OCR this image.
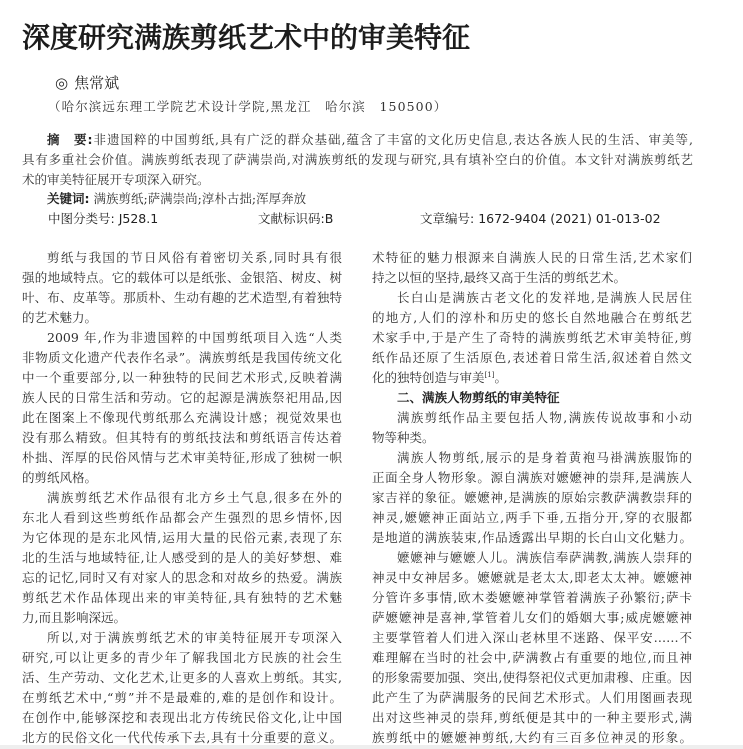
深度研究满族剪纸艺术中的审美特征
◎ 焦常斌
（哈尔滨远东理工学院艺术设计学院,黑龙江　哈尔滨　150500）
摘　要:非遗国粹的中国剪纸,具有广泛的群众基础,蕴含了丰富的文化历史信息,表达各族人民的生活、审美等,
具有多重社会价值。满族剪纸表现了萨满崇尚,对满族剪纸的发现与研究,具有填补空白的价值。本文针对满族剪纸艺
术的审美特征展开专项深入研究。
关键词: 满族剪纸;萨满崇尚;淳朴古拙;浑厚奔放
中图分类号: J528.1	文献标识码:B	文章编号: 1672-9404 (2021) 01-013-02
剪纸与我国的节日风俗有着密切关系,同时具有很
强的地域特点。它的载体可以是纸张、金银箔、树皮、树
叶、布、皮革等。那质朴、生动有趣的艺术造型,有着独特
的艺术魅力。
2009 年,作为非遗国粹的中国剪纸项目入选“人类
非物质文化遗产代表作名录”。满族剪纸是我国传统文化
中一个重要部分,以一种独特的民间艺术形式,反映着满
族人民的日常生活和劳动。它的起源是满族祭祀用品,因
此在图案上不像现代剪纸那么充满设计感；视觉效果也
没有那么精致。但其特有的剪纸技法和剪纸语言传达着
朴拙、浑厚的民俗风情与艺术审美特征,形成了独树一帜
的剪纸风格。
满族剪纸艺术作品很有北方乡土气息,很多在外的
东北人看到这些剪纸作品都会产生强烈的思乡情怀,因
为它体现的是东北风情,运用大量的民俗元素,表现了东
北的生活与地域特征,让人感受到的是人的美好梦想、难
忘的记忆,同时又有对家人的思念和对故乡的热爱。满族
剪纸艺术作品体现出来的审美特征,具有独特的艺术魅
力,而且影响深远。
所以,对于满族剪纸艺术的审美特征展开专项深入
研究,可以让更多的青少年了解我国北方民族的社会生
活、生产劳动、文化艺术,让更多的人喜欢上剪纸。其实,
在剪纸艺术中,“剪”并不是最难的,难的是创作和设计。
在创作中,能够深挖和表现出北方传统民俗文化,让中国
北方的民俗文化一代代传承下去,具有十分重要的意义。
术特征的魅力根源来自满族人民的日常生活,艺术家们
持之以恒的坚持,最终又高于生活的剪纸艺术。
长白山是满族古老文化的发祥地,是满族人民居住
的地方,人们的淳朴和历史的悠长自然地融合在剪纸艺
术家手中,于是产生了奇特的满族剪纸艺术审美特征,剪
纸作品还原了生活原色,表述着日常生活,叙述着自然文
化的独特创造与审美[1]。
二、满族人物剪纸的审美特征
满族剪纸作品主要包括人物,满族传说故事和小动
物等种类。
满族人物剪纸,展示的是身着黄袍马褂满族服饰的
正面全身人物形象。源自满族对嬷嬷神的崇拜,是满族人
家吉祥的象征。嬷嬷神,是满族的原始宗教萨满教崇拜的
神灵,嬷嬷神正面站立,两手下垂,五指分开,穿的衣服都
是地道的满族装束,作品透露出早期的长白山文化魅力。
嬷嬷神与嬷嬷人儿。满族信奉萨满教,满族人崇拜的
神灵中女神居多。嬷嬷就是老太太,即老太太神。嬷嬷神
分管许多事情,欧木娄嬷嬷神掌管着满族子孙繁衍;萨卡
萨嬷嬷神是喜神,掌管着儿女们的婚姻大事;威虎嬷嬷神
主要掌管着人们进入深山老林里不迷路、保平安……不
难理解在当时的社会中,萨满教占有重要的地位,而且神
的形象需要加强、突出,使得祭祀仪式更加肃穆、庄重。因
此产生了为萨满服务的民间艺术形式。人们用图画表现
出对这些神灵的崇拜,剪纸便是其中的一种主要形式,满
族剪纸中的嬷嬷神剪纸,大约有三百多位神灵的形象。
